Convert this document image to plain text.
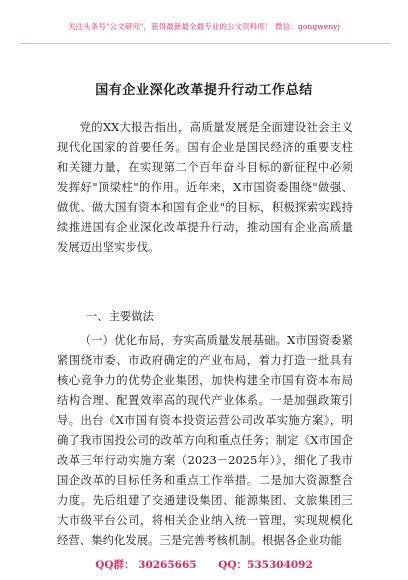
关注头条号"公文研究"，获得最新最全最专业的公文资料库！ 微信：gongwenyj
国有企业深化改革提升行动工作总结

党的XX大报告指出，高质量发展是全面建设社会主义现代化国家的首要任务。国有企业是国民经济的重要支柱和关键力量，在实现第二个百年奋斗目标的新征程中必须发挥好"顶梁柱"的作用。近年来，X市国资委围绕"做强、做优、做大国有资本和国有企业"的目标，积极探索实践持续推进国有企业深化改革提升行动，推动国有企业高质量发展迈出坚实步伐。

一、主要做法

（一）优化布局，夯实高质量发展基础。X市国资委紧紧围绕市委、市政府确定的产业布局，着力打造一批具有核心竞争力的优势企业集团，加快构建全市国有资本布局结构合理、配置效率高的现代产业体系。一是加强政策引导。出台《X市国有资本投资运营公司改革实施方案》，明确了我市国投公司的改革方向和重点任务；制定《X市国企改革三年行动实施方案（2023－2025年）》，细化了我市国企改革的目标任务和重点工作举措。二是加大资源整合力度。先后组建了交通建设集团、能源集团、文旅集团三大市级平台公司，将相关企业纳入统一管理，实现规模化经营、集约化发展。三是完善考核机制。根据各企业功能

QQ群： 30265665 QQ：535304092
